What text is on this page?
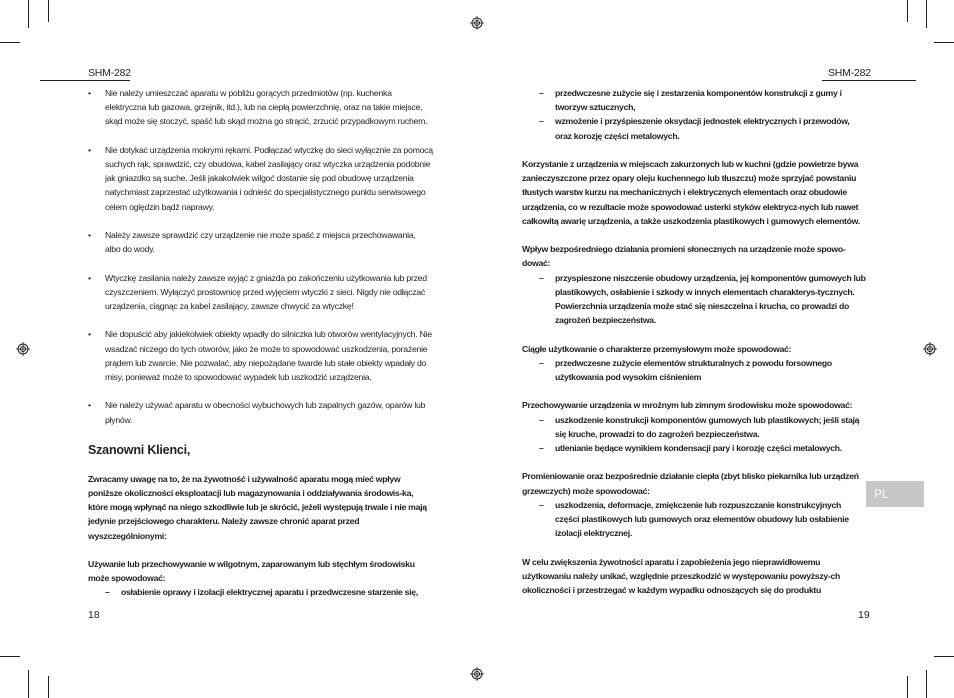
SHM-282	SHM-282
• Nie należy umieszczać aparatu w pobliżu gorących przedmiotów (np. kuchenka elektryczna lub gazowa, grzejnik, itd.), lub na ciepłą powierzchnię, oraz na takie miejsce, skąd może się stoczyć, spaść lub skąd można go strącić, zrzucić przypadkowym ruchem.
• Nie dotykać urządzenia mokrymi rękami. Podłączać wtyczkę do sieci wyłącznie za pomocą suchych rąk, sprawdzić, czy obudowa, kabel zasilający oraz wtyczka urządzenia podobnie jak gniazdko są suche. Jeśli jakakolwiek wilgoć dostanie się pod obudowę urządzenia natychmiast zaprzestać użytkowania i odnieść do specjalistycznego punktu serwisowego celem oględzin bądź naprawy.
• Należy zawsze sprawdzić czy urządzenie nie może spaść z miejsca przechowawania, albo do wody.
• Wtyczkę zasilania należy zawsze wyjąć z gniazda po zakończeniu użytkowania lub przed czyszczeniem. Wyłączyć prostownicę przed wyjęciem wtyczki z sieci. Nigdy nie odłączać urządzenia, ciągnąc za kabel zasilający, zawsze chwycić za wtyczkę!
• Nie dopuścić aby jakiekolwiek obiekty wpadły do silniczka lub otworów wentylacyjnych. Nie wsadzać niczego do tych otworów, jako że może to spowodować uszkodzenia, porażenie prądem lub zwarcie. Nie pozwalać, aby niepożądane twarde lub stałe obiekty wpadały do misy, ponieważ może to spowodować wypadek lub uszkodzić urządzenia.
• Nie należy używać aparatu w obecności wybuchowych lub zapalnych gazów, oparów lub płynów.
Szanowni Klienci,
Zwracamy uwagę na to, że na żywotność i używalność aparatu mogą mieć wpływ poniższe okoliczności eksploatacji lub magazynowania i oddziaływania środowis-ka, które mogą wpłynąć na niego szkodliwie lub je skrócić, jeżeli występują trwale i nie mają jedynie przejściowego charakteru. Należy zawsze chronić aparat przed wyszczególnionymi:
Używanie lub przechowywanie w wilgotnym, zaparowanym lub stęchłym środowisku może spowodować:
– osłabienie oprawy i izolacji elektrycznej aparatu i przedwczesne starzenie się,
18
– przedwczesne zużycie się i zestarzenia komponentów konstrukcji z gumy i tworzyw sztucznych,
– wzmożenie i przyśpieszenie oksydacji jednostek elektrycznych i przewodów, oraz korozję części metalowych.
Korzystanie z urządzenia w miejscach zakurzonych lub w kuchni (gdzie powietrze bywa zanieczyszczone przez opary oleju kuchennego lub tłuszczu) może sprzyjać powstaniu tłustych warstw kurzu na mechanicznych i elektrycznych elementach oraz obudowie urządzenia, co w rezultacie może spowodować usterki styków elektrycz-nych lub nawet całkowitą awarię urządzenia, a także uszkodzenia plastikowych i gumowych elementów.
Wpływ bezpośredniego działania promieni słonecznych na urządzenie może spowo-dować:
– przyspieszone niszczenie obudowy urządzenia, jej komponentów gumowych lub plastikowych, osłabienie i szkody w innych elementach charakterys-tycznych. Powierzchnia urządzenia może stać się nieszczelna i krucha, co prowadzi do zagrożeń bezpieczeństwa.
Ciągłe użytkowanie o charakterze przemysłowym może spowodować:
– przedwczesne zużycie elementów strukturalnych z powodu forsownego użytkowania pod wysokim ciśnieniem
Przechowywanie urządzenia w mroźnym lub zimnym środowisku może spowodować:
– uszkodzenie konstrukcji komponentów gumowych lub plastikowych; jeśli stają się kruche, prowadzi to do zagrożeń bezpieczeństwa.
– utlenianie będące wynikiem kondensacji pary i korozję części metalowych.
Promieniowanie oraz bezpośrednie działanie ciepła (zbyt blisko piekarnika lub urządzeń grzewczych) może spowodować:
– uszkodzenia, deformacje, zmiękczenie lub rozpuszczanie konstrukcyjnych części plastikowych lub gumowych oraz elementów obudowy lub osłabienie izolacji elektrycznej.
W celu zwiększenia żywotności aparatu i zapobieżenia jego nieprawidłowemu użytkowaniu należy unikać, względnie przeszkodzić w występowaniu powyższy-ch okoliczności i przestrzegać w każdym wypadku odnoszących się do produktu
19
PL
